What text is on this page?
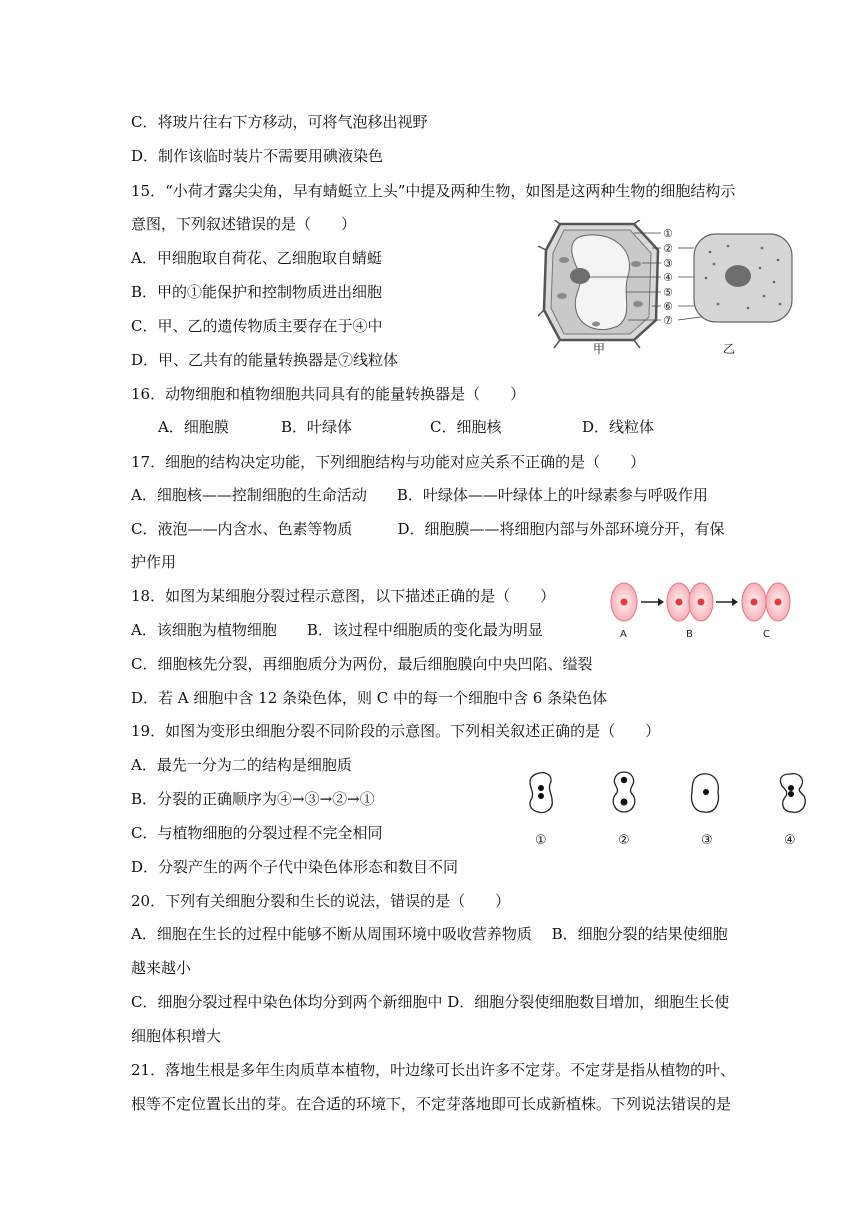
C．将玻片往右下方移动，可将气泡移出视野
D．制作该临时装片不需要用碘液染色
15．“小荷才露尖尖角，早有蜻蜓立上头”中提及两种生物，如图是这两种生物的细胞结构示
意图，下列叙述错误的是（　　）
A．甲细胞取自荷花、乙细胞取自蜻蜓
B．甲的①能保护和控制物质进出细胞
C．甲、乙的遗传物质主要存在于④中
D．甲、乙共有的能量转换器是⑦线粒体
16．动物细胞和植物细胞共同具有的能量转换器是（　　）
A．细胞膜	B．叶绿体	C．细胞核	D．线粒体
17．细胞的结构决定功能，下列细胞结构与功能对应关系不正确的是（　　）
A．细胞核——控制细胞的生命活动　　B．叶绿体——叶绿体上的叶绿素参与呼吸作用
C．液泡——内含水、色素等物质　　　D．细胞膜——将细胞内部与外部环境分开，有保
护作用
18．如图为某细胞分裂过程示意图，以下描述正确的是（　　）
A．该细胞为植物细胞　　B．该过程中细胞质的变化最为明显
C．细胞核先分裂，再细胞质分为两份，最后细胞膜向中央凹陷、缢裂
D．若 A 细胞中含 12 条染色体，则 C 中的每一个细胞中含 6 条染色体
19．如图为变形虫细胞分裂不同阶段的示意图。下列相关叙述正确的是（　　）
A．最先一分为二的结构是细胞质
B．分裂的正确顺序为④→③→②→①
C．与植物细胞的分裂过程不完全相同
D．分裂产生的两个子代中染色体形态和数目不同
20．下列有关细胞分裂和生长的说法，错误的是（　　）
A．细胞在生长的过程中能够不断从周围环境中吸收营养物质　 B．细胞分裂的结果使细胞
越来越小
C．细胞分裂过程中染色体均分到两个新细胞中 D．细胞分裂使细胞数目增加，细胞生长使
细胞体积增大
21．落地生根是多年生肉质草本植物，叶边缘可长出许多不定芽。不定芽是指从植物的叶、
根等不定位置长出的芽。在合适的环境下，不定芽落地即可长成新植株。下列说法错误的是
①
②
③
④
⑤
⑥
⑦
甲	乙
A	B	C
①	②	③	④
